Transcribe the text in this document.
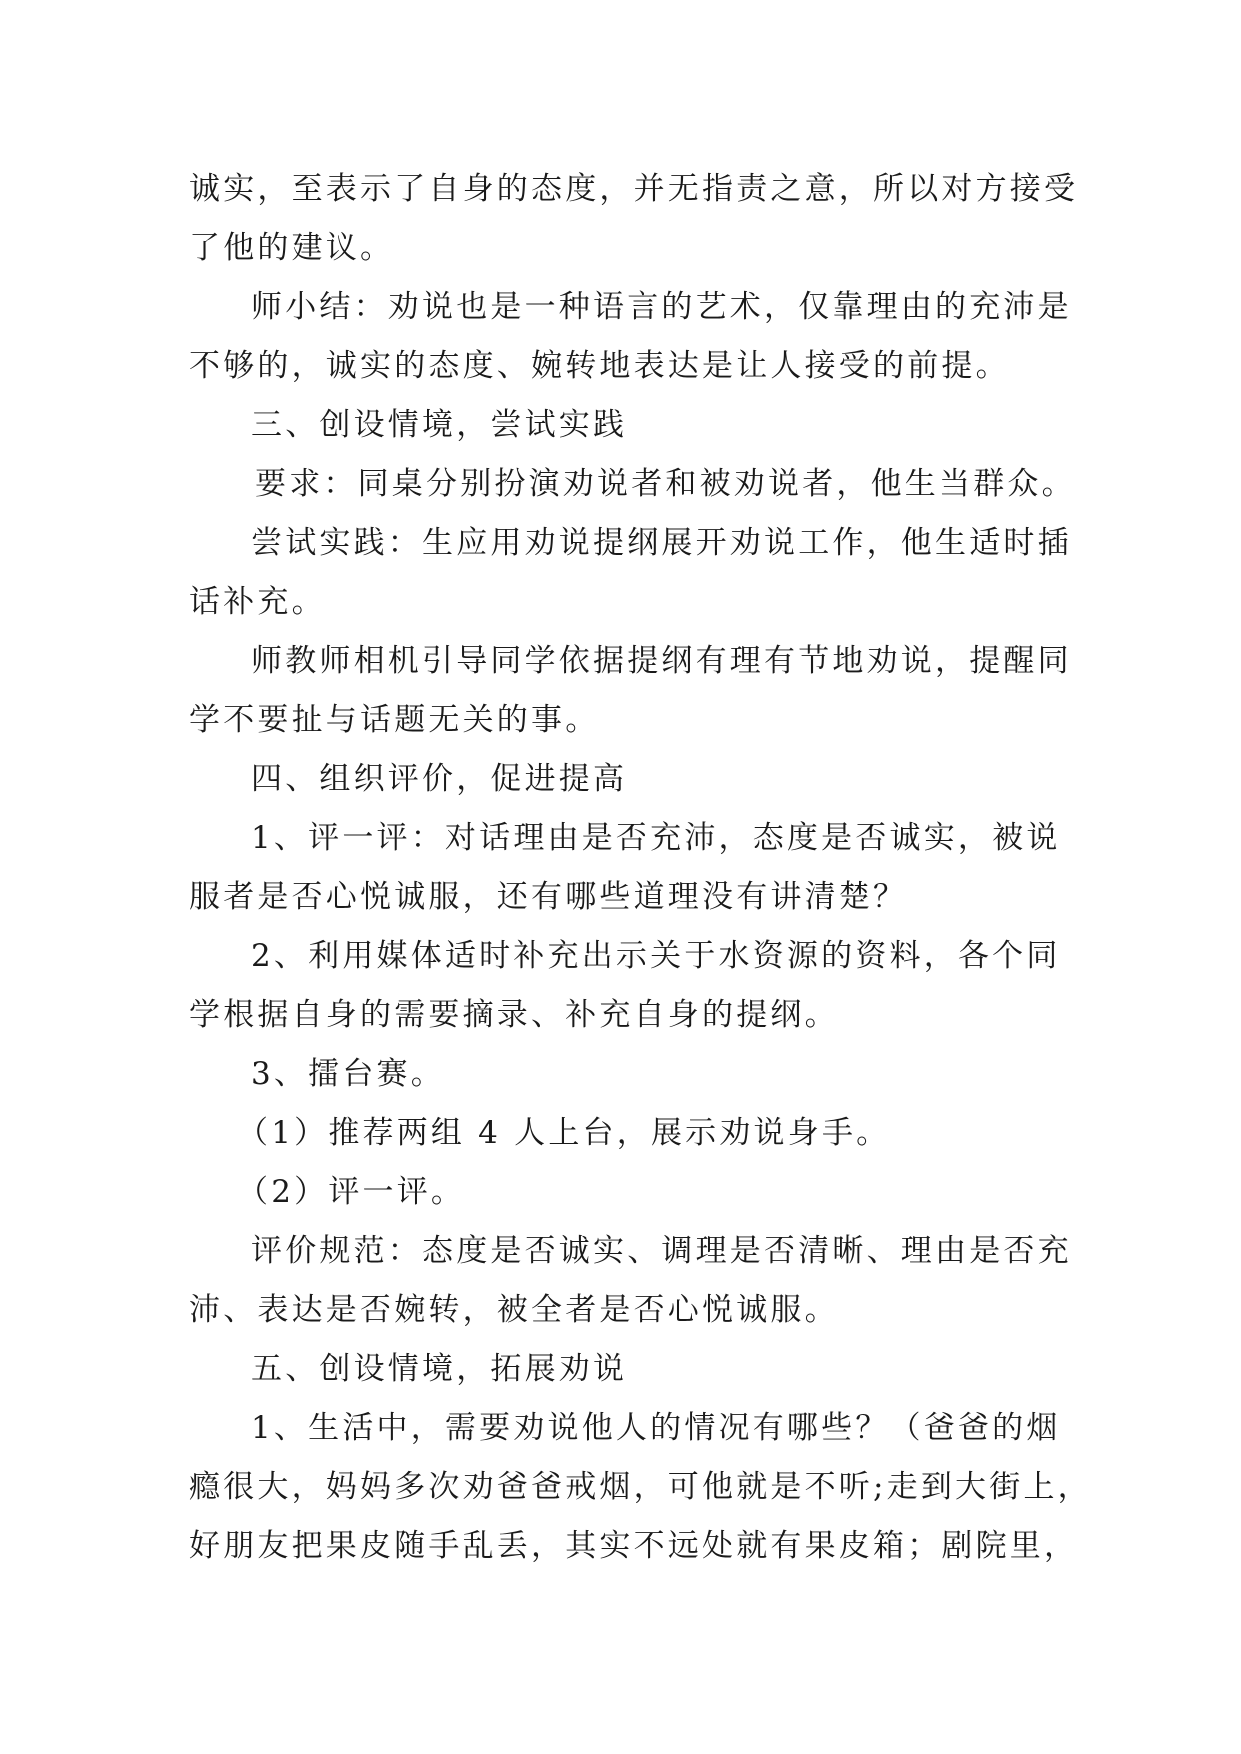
诚实，至表示了自身的态度，并无指责之意，所以对方接受
了他的建议。
师小结：劝说也是一种语言的艺术，仅靠理由的充沛是
不够的，诚实的态度、婉转地表达是让人接受的前提。
三、创设情境，尝试实践
要求：同桌分别扮演劝说者和被劝说者，他生当群众。
尝试实践：生应用劝说提纲展开劝说工作，他生适时插
话补充。
师教师相机引导同学依据提纲有理有节地劝说，提醒同
学不要扯与话题无关的事。
四、组织评价，促进提高
1、评一评：对话理由是否充沛，态度是否诚实，被说
服者是否心悦诚服，还有哪些道理没有讲清楚？
2、利用媒体适时补充出示关于水资源的资料，各个同
学根据自身的需要摘录、补充自身的提纲。
3、擂台赛。
（1）推荐两组 4 人上台，展示劝说身手。
（2）评一评。
评价规范：态度是否诚实、调理是否清晰、理由是否充
沛、表达是否婉转，被全者是否心悦诚服。
五、创设情境，拓展劝说
1、生活中，需要劝说他人的情况有哪些？（爸爸的烟
瘾很大，妈妈多次劝爸爸戒烟，可他就是不听;走到大街上，
好朋友把果皮随手乱丢，其实不远处就有果皮箱；剧院里，
